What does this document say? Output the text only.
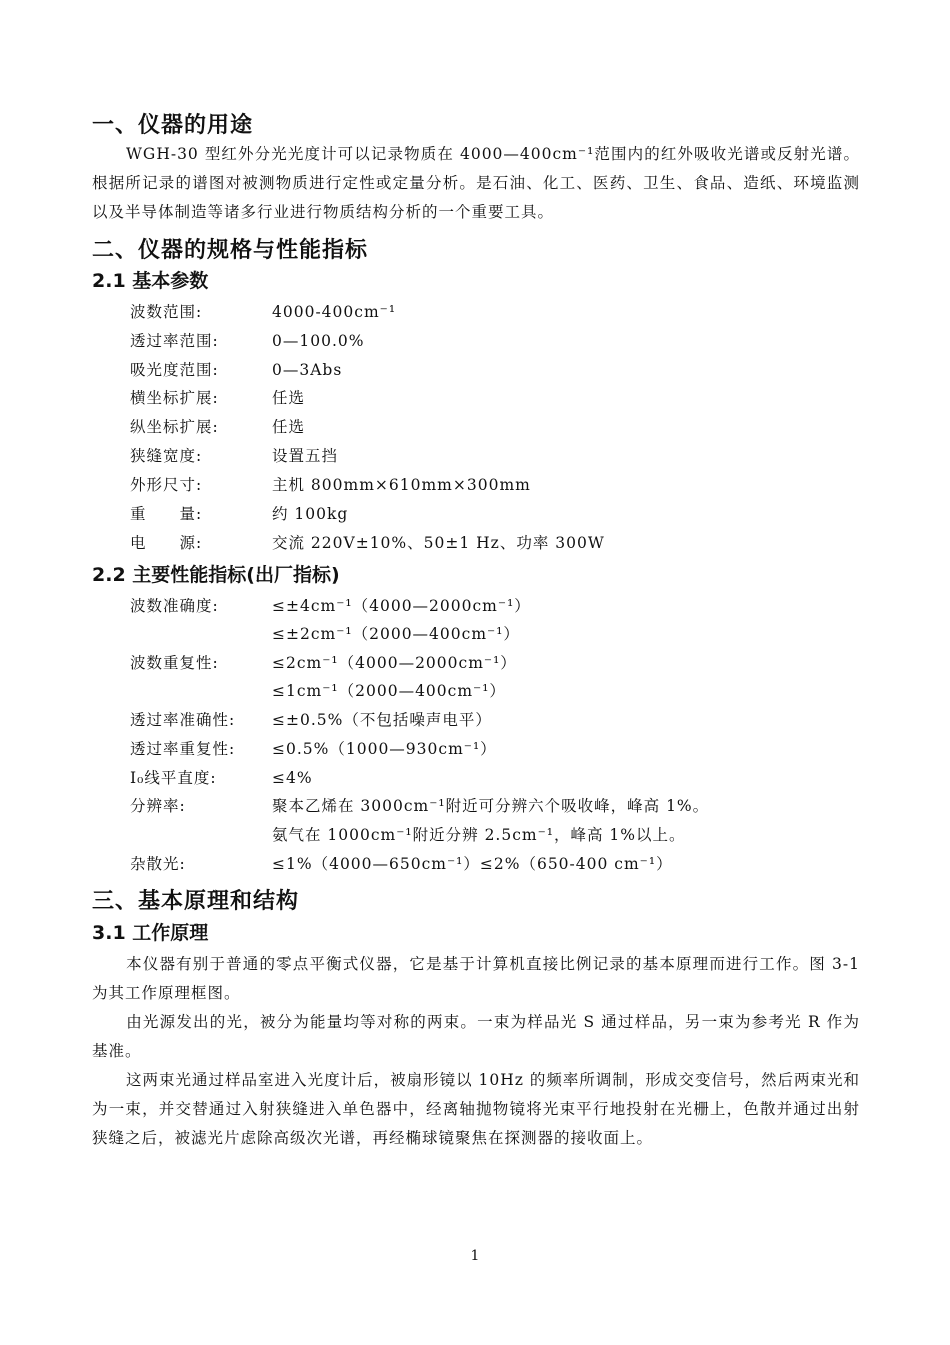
一、仪器的用途

WGH-30 型红外分光光度计可以记录物质在 4000—400cm⁻¹范围内的红外吸收光谱或反射光谱。根据所记录的谱图对被测物质进行定性或定量分析。是石油、化工、医药、卫生、食品、造纸、环境监测以及半导体制造等诸多行业进行物质结构分析的一个重要工具。

二、仪器的规格与性能指标
2.1 基本参数
波数范围:	4000-400cm⁻¹
透过率范围:	0—100.0%
吸光度范围:	0—3Abs
横坐标扩展:	任选
纵坐标扩展:	任选
狭缝宽度:	设置五挡
外形尺寸:	主机 800mm×610mm×300mm
重　　量:	约 100kg
电　　源:	交流 220V±10%、50±1 Hz、功率 300W
2.2 主要性能指标(出厂指标)
波数准确度:	≤±4cm⁻¹（4000—2000cm⁻¹）
≤±2cm⁻¹（2000—400cm⁻¹）
波数重复性:	≤2cm⁻¹（4000—2000cm⁻¹）
≤1cm⁻¹（2000—400cm⁻¹）
透过率准确性: ≤±0.5%（不包括噪声电平）
透过率重复性: ≤0.5%（1000—930cm⁻¹）
I₀线平直度:	≤4%
分辨率:	聚本乙烯在 3000cm⁻¹附近可分辨六个吸收峰，峰高 1%。
氨气在 1000cm⁻¹附近分辨 2.5cm⁻¹，峰高 1%以上。
杂散光:	≤1%（4000—650cm⁻¹）≤2%（650-400 cm⁻¹）
三、基本原理和结构
3.1 工作原理

本仪器有别于普通的零点平衡式仪器，它是基于计算机直接比例记录的基本原理而进行工作。图 3-1 为其工作原理框图。

由光源发出的光，被分为能量均等对称的两束。一束为样品光 S 通过样品，另一束为参考光 R 作为基准。

这两束光通过样品室进入光度计后，被扇形镜以 10Hz 的频率所调制，形成交变信号，然后两束光和为一束，并交替通过入射狭缝进入单色器中，经离轴抛物镜将光束平行地投射在光栅上，色散并通过出射狭缝之后，被滤光片虑除高级次光谱，再经椭球镜聚焦在探测器的接收面上。

1
